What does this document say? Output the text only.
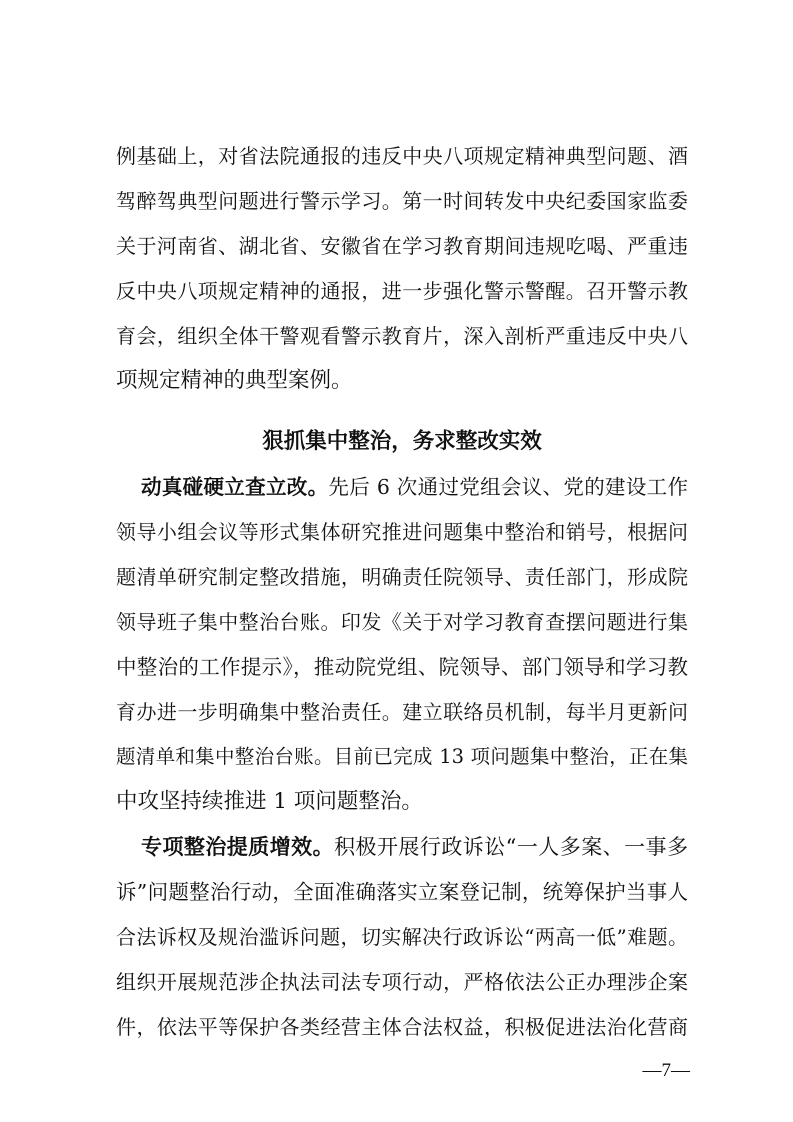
例基础上，对省法院通报的违反中央八项规定精神典型问题、酒
驾醉驾典型问题进行警示学习。第一时间转发中央纪委国家监委
关于河南省、湖北省、安徽省在学习教育期间违规吃喝、严重违
反中央八项规定精神的通报，进一步强化警示警醒。召开警示教
育会，组织全体干警观看警示教育片，深入剖析严重违反中央八
项规定精神的典型案例。
狠抓集中整治，务求整改实效
动真碰硬立查立改。先后 6 次通过党组会议、党的建设工作
领导小组会议等形式集体研究推进问题集中整治和销号，根据问
题清单研究制定整改措施，明确责任院领导、责任部门，形成院
领导班子集中整治台账。印发《关于对学习教育查摆问题进行集
中整治的工作提示》，推动院党组、院领导、部门领导和学习教
育办进一步明确集中整治责任。建立联络员机制，每半月更新问
题清单和集中整治台账。目前已完成 13 项问题集中整治，正在集
中攻坚持续推进 1 项问题整治。
专项整治提质增效。积极开展行政诉讼“一人多案、一事多
诉”问题整治行动，全面准确落实立案登记制，统筹保护当事人
合法诉权及规治滥诉问题，切实解决行政诉讼“两高一低”难题。
组织开展规范涉企执法司法专项行动，严格依法公正办理涉企案
件，依法平等保护各类经营主体合法权益，积极促进法治化营商
—7—
